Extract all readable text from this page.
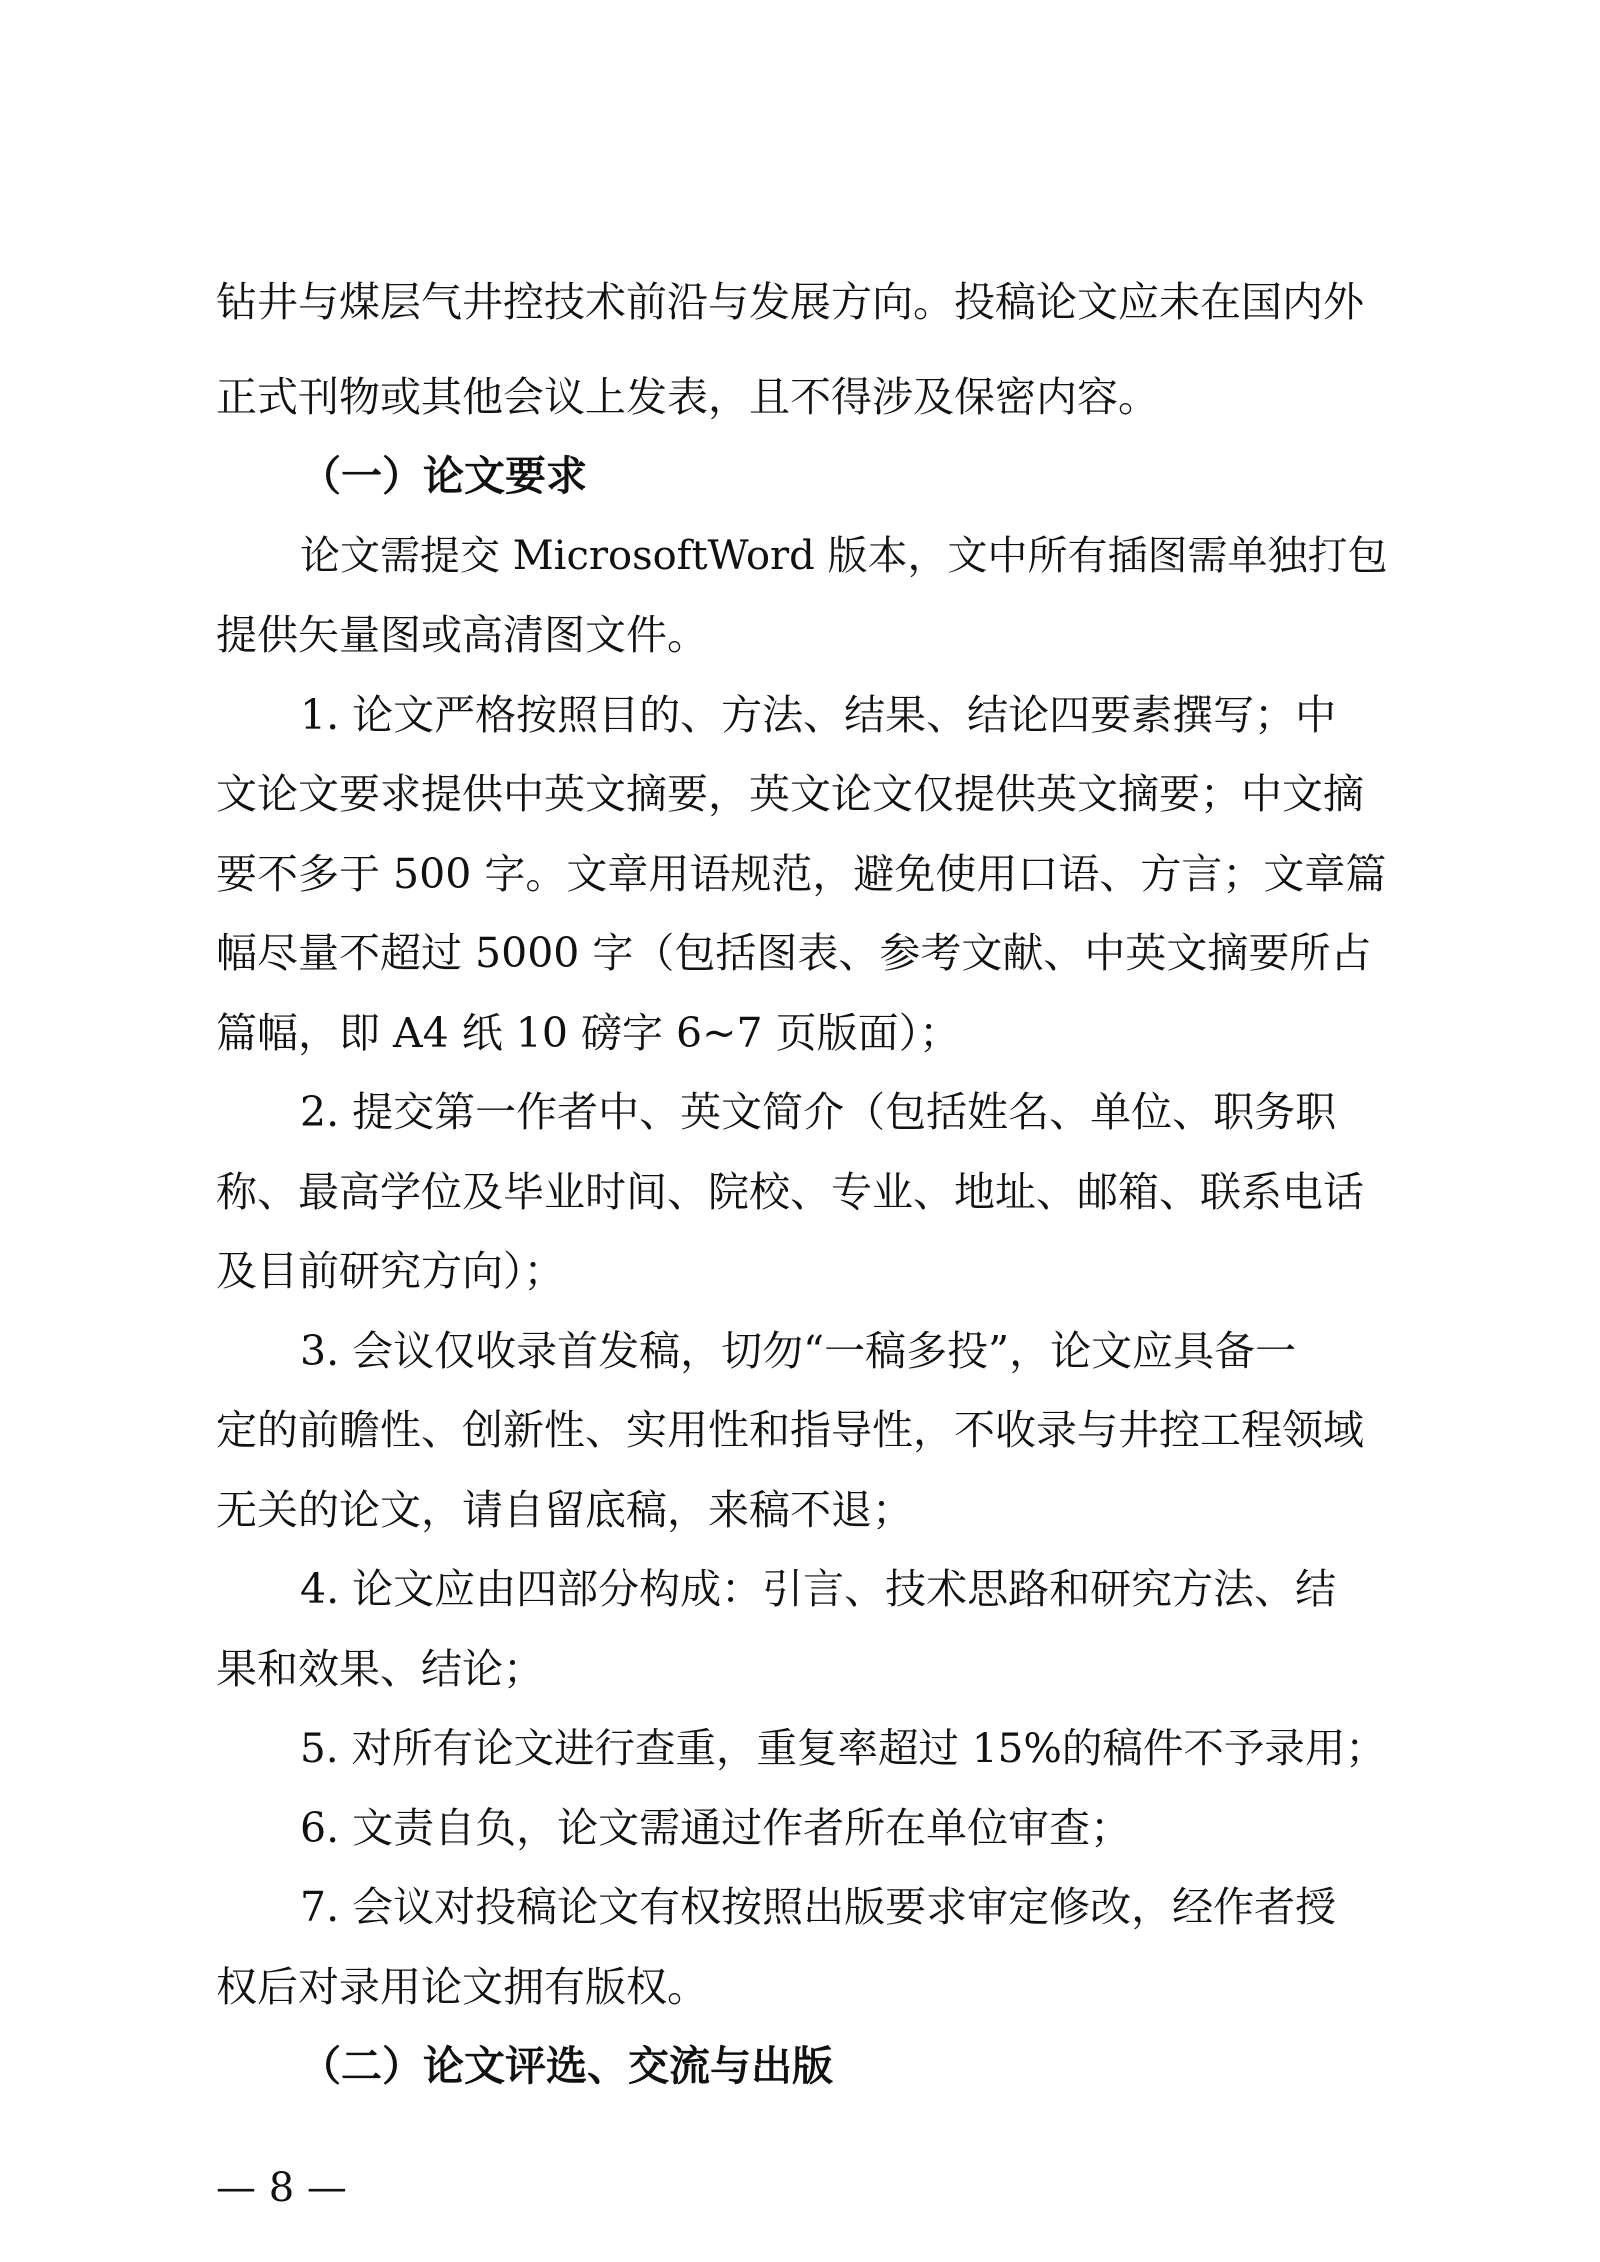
钻井与煤层气井控技术前沿与发展方向。投稿论文应未在国内外
正式刊物或其他会议上发表，且不得涉及保密内容。
（一）论文要求
论文需提交 MicrosoftWord 版本，文中所有插图需单独打包
提供矢量图或高清图文件。
1. 论文严格按照目的、方法、结果、结论四要素撰写；中
文论文要求提供中英文摘要，英文论文仅提供英文摘要；中文摘
要不多于 500 字。文章用语规范，避免使用口语、方言；文章篇
幅尽量不超过 5000 字（包括图表、参考文献、中英文摘要所占
篇幅，即 A4 纸 10 磅字 6~7 页版面）；
2. 提交第一作者中、英文简介（包括姓名、单位、职务职
称、最高学位及毕业时间、院校、专业、地址、邮箱、联系电话
及目前研究方向）；
3. 会议仅收录首发稿，切勿“一稿多投”，论文应具备一
定的前瞻性、创新性、实用性和指导性，不收录与井控工程领域
无关的论文，请自留底稿，来稿不退；
4. 论文应由四部分构成：引言、技术思路和研究方法、结
果和效果、结论；
5. 对所有论文进行查重，重复率超过 15%的稿件不予录用；
6. 文责自负，论文需通过作者所在单位审查；
7. 会议对投稿论文有权按照出版要求审定修改，经作者授
权后对录用论文拥有版权。
（二）论文评选、交流与出版
— 8 —
